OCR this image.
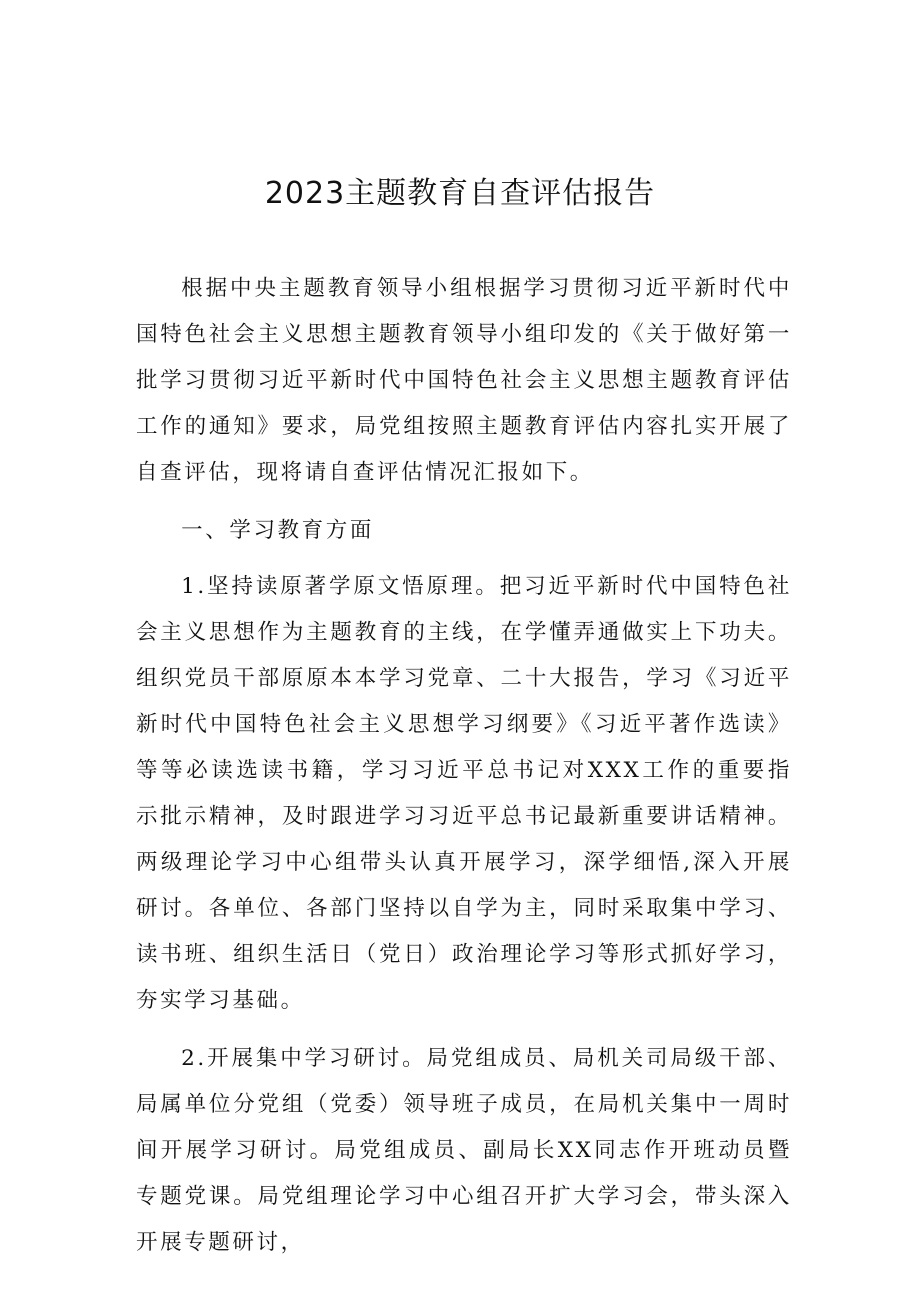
2023主题教育自查评估报告

根据中央主题教育领导小组根据学习贯彻习近平新时代中国特色社会主义思想主题教育领导小组印发的《关于做好第一批学习贯彻习近平新时代中国特色社会主义思想主题教育评估工作的通知》要求，局党组按照主题教育评估内容扎实开展了自查评估，现将请自查评估情况汇报如下。

一、学习教育方面

1.坚持读原著学原文悟原理。把习近平新时代中国特色社会主义思想作为主题教育的主线，在学懂弄通做实上下功夫。组织党员干部原原本本学习党章、二十大报告，学习《习近平新时代中国特色社会主义思想学习纲要》《习近平著作选读》等等必读选读书籍，学习习近平总书记对XXX工作的重要指示批示精神，及时跟进学习习近平总书记最新重要讲话精神。两级理论学习中心组带头认真开展学习，深学细悟,深入开展研讨。各单位、各部门坚持以自学为主，同时采取集中学习、读书班、组织生活日（党日）政治理论学习等形式抓好学习，夯实学习基础。

2.开展集中学习研讨。局党组成员、局机关司局级干部、局属单位分党组（党委）领导班子成员，在局机关集中一周时间开展学习研讨。局党组成员、副局长XX同志作开班动员暨专题党课。局党组理论学习中心组召开扩大学习会，带头深入开展专题研讨，
